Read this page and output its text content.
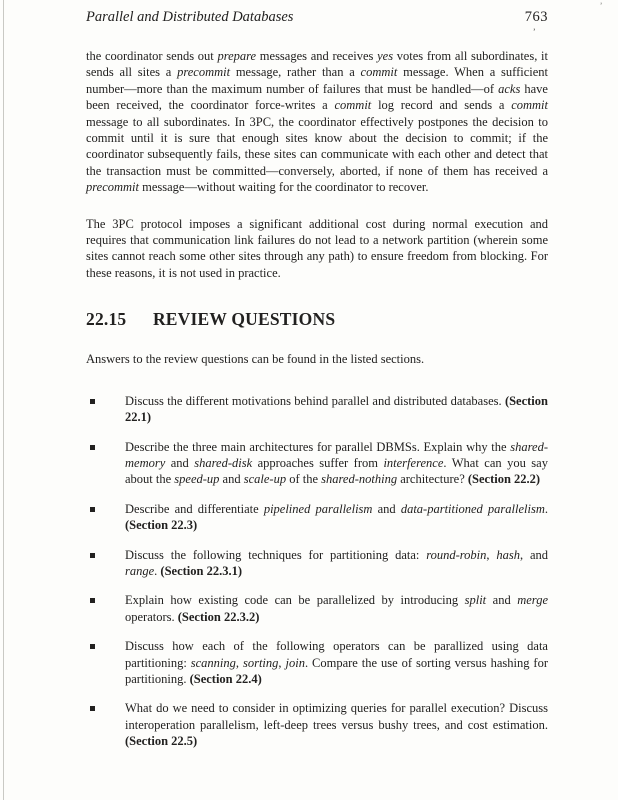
’
Parallel and Distributed Databases	763
’

the coordinator sends out prepare messages and receives yes votes from all subordinates, it sends all sites a precommit message, rather than a commit message. When a sufficient number—more than the maximum number of failures that must be handled—of acks have been received, the coordinator force-writes a commit log record and sends a commit message to all subordinates. In 3PC, the coordinator effectively postpones the decision to commit until it is sure that enough sites know about the decision to commit; if the coordinator subsequently fails, these sites can communicate with each other and detect that the transaction must be committed—conversely, aborted, if none of them has received a precommit message—without waiting for the coordinator to recover.

The 3PC protocol imposes a significant additional cost during normal execution and requires that communication link failures do not lead to a network partition (wherein some sites cannot reach some other sites through any path) to ensure freedom from blocking. For these reasons, it is not used in practice.

22.15 REVIEW QUESTIONS

Answers to the review questions can be found in the listed sections.

Discuss the different motivations behind parallel and distributed databases. (Section 22.1)
Describe the three main architectures for parallel DBMSs. Explain why the shared-memory and shared-disk approaches suffer from interference. What can you say about the speed-up and scale-up of the shared-nothing architecture? (Section 22.2)
Describe and differentiate pipelined parallelism and data-partitioned parallelism. (Section 22.3)
Discuss the following techniques for partitioning data: round-robin, hash, and range. (Section 22.3.1)
Explain how existing code can be parallelized by introducing split and merge operators. (Section 22.3.2)
Discuss how each of the following operators can be parallized using data partitioning: scanning, sorting, join. Compare the use of sorting versus hashing for partitioning. (Section 22.4)
What do we need to consider in optimizing queries for parallel execution? Discuss interoperation parallelism, left-deep trees versus bushy trees, and cost estimation. (Section 22.5)
